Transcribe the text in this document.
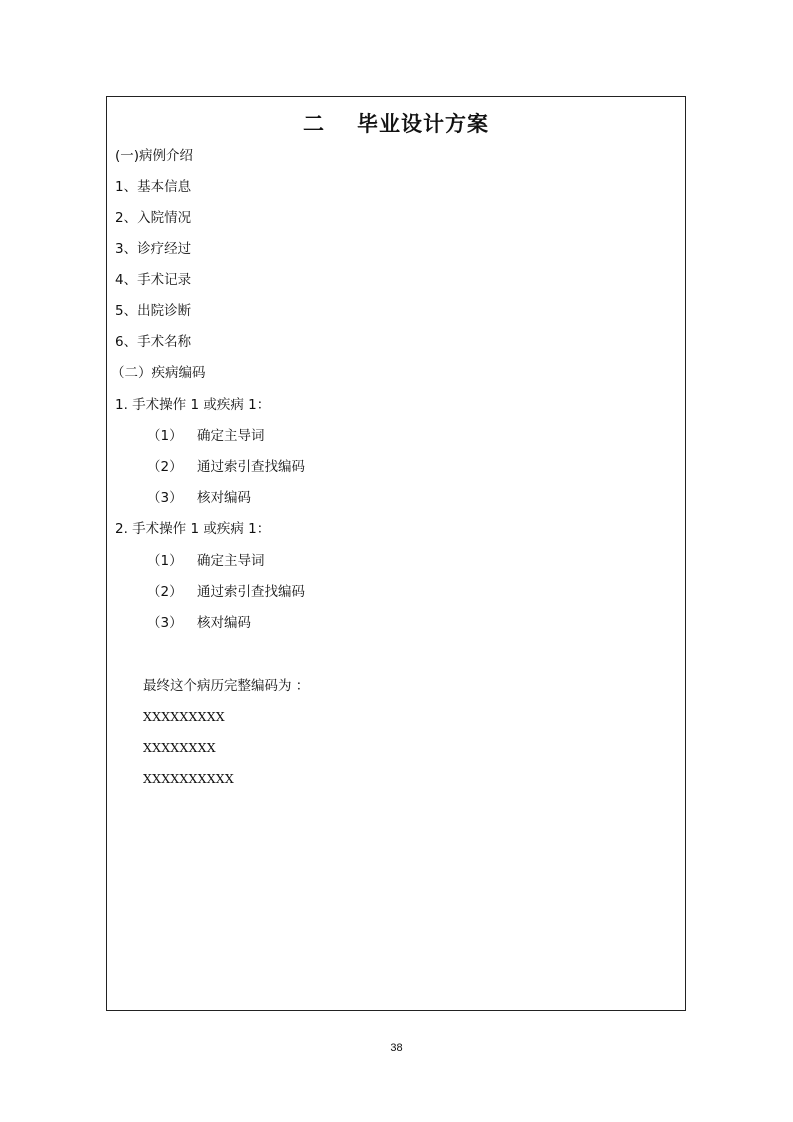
二 毕业设计方案
(一)病例介绍
1、基本信息
2、入院情况
3、诊疗经过
4、手术记录
5、出院诊断
6、手术名称
（二）疾病编码
1. 手术操作 1 或疾病 1：
（1） 确定主导词
（2） 通过索引查找编码
（3） 核对编码
2. 手术操作 1 或疾病 1：
（1） 确定主导词
（2） 通过索引查找编码
（3） 核对编码
最终这个病历完整编码为 ：
XXXXXXXXX
XXXXXXXX
XXXXXXXXXX
38
